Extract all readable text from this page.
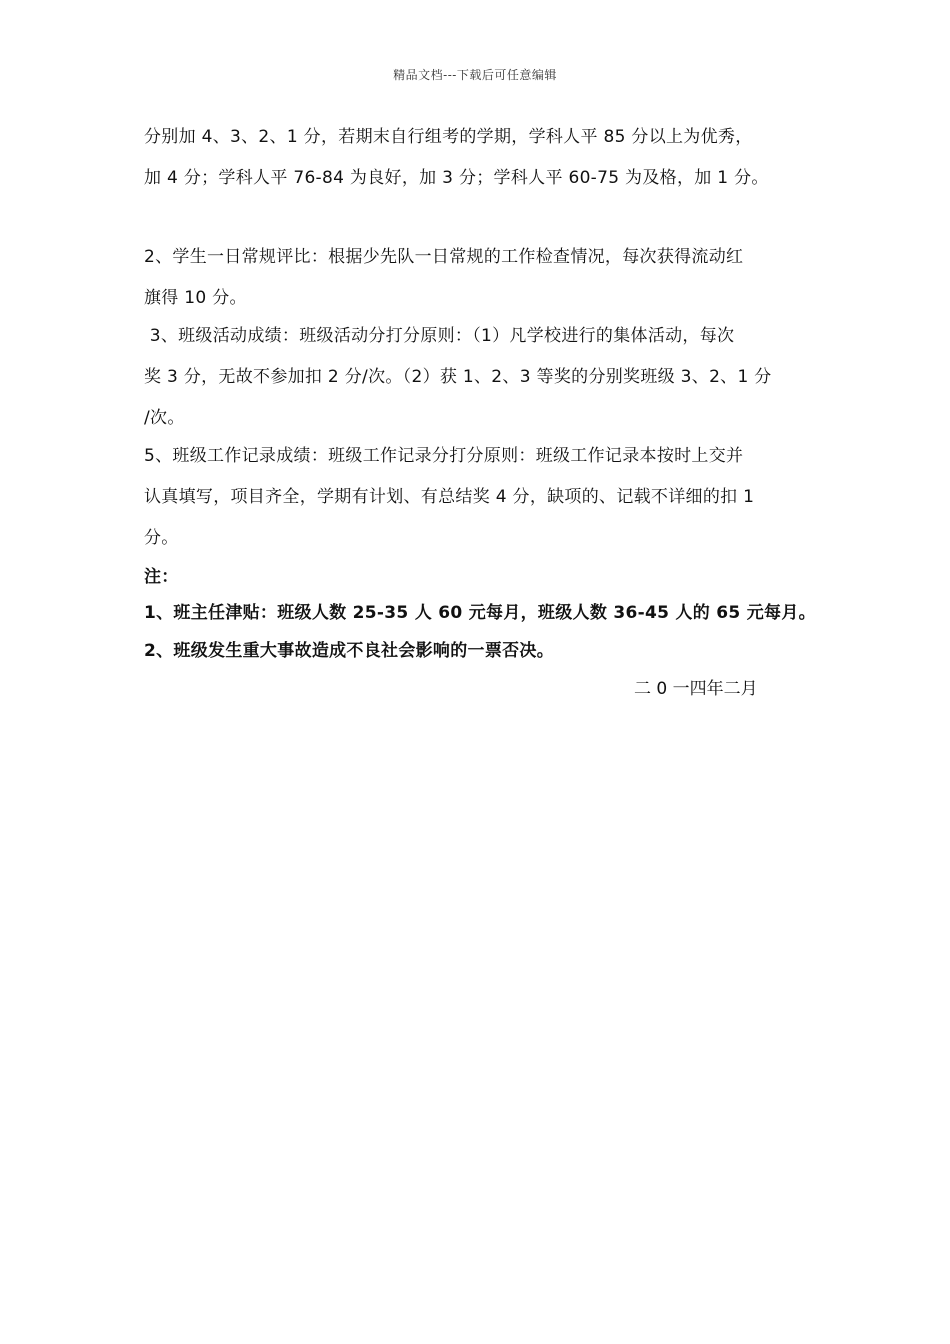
精品文档---下载后可任意编辑
分别加 4、3、2、1 分，若期末自行组考的学期，学科人平 85 分以上为优秀，
加 4 分；学科人平 76-84 为良好，加 3 分；学科人平 60-75 为及格，加 1 分。
2、学生一日常规评比：根据少先队一日常规的工作检查情况，每次获得流动红
旗得 10 分。
3、班级活动成绩：班级活动分打分原则：（1）凡学校进行的集体活动，每次
奖 3 分，无故不参加扣 2 分/次。（2）获 1、2、3 等奖的分别奖班级 3、2、1 分
/次。
5、班级工作记录成绩：班级工作记录分打分原则：班级工作记录本按时上交并
认真填写，项目齐全，学期有计划、有总结奖 4 分，缺项的、记载不详细的扣 1
分。
注：
1、班主任津贴：班级人数 25-35 人 60 元每月，班级人数 36-45 人的 65 元每月。
2、班级发生重大事故造成不良社会影响的一票否决。
二 0 一四年二月
